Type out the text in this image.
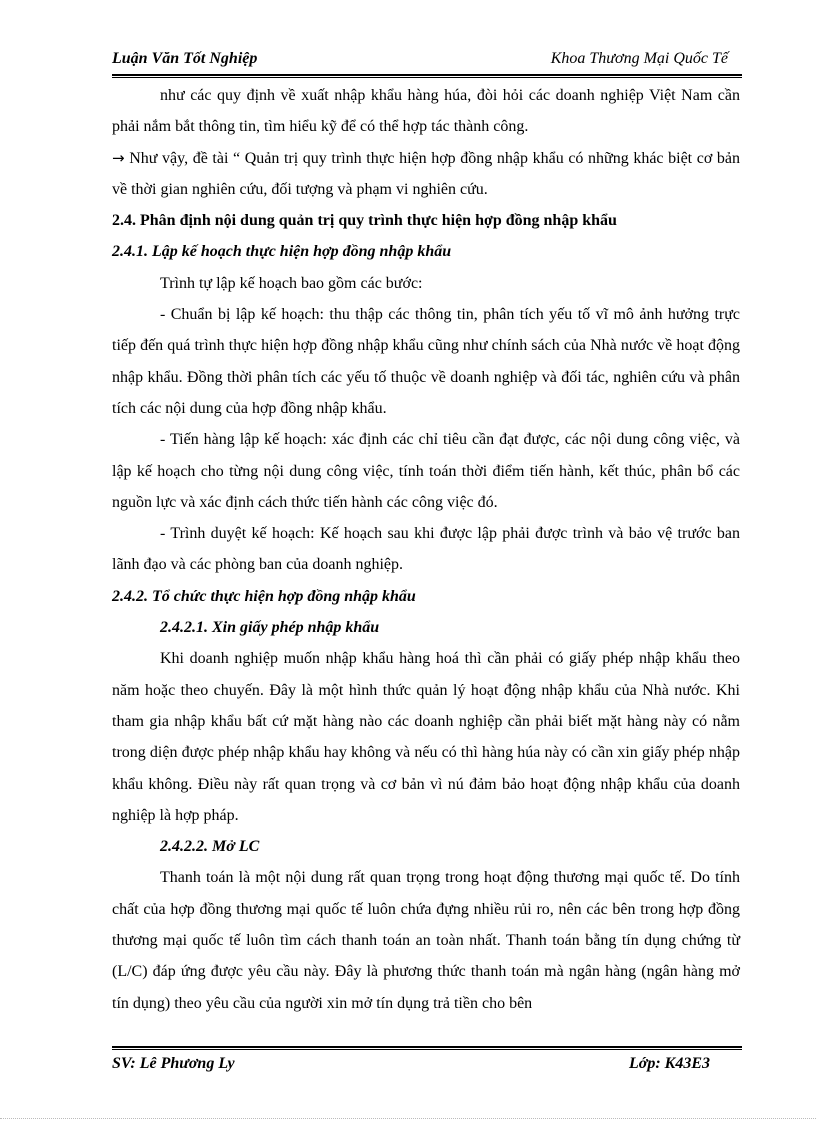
Luận Văn Tốt Nghiệp	Khoa Thương Mại Quốc Tế

như các quy định về xuất nhập khẩu hàng húa, đòi hỏi các doanh nghiệp Việt Nam cần phải nắm bắt thông tin, tìm hiểu kỹ để có thể hợp tác thành công.

→ Như vậy, đề tài “ Quản trị quy trình thực hiện hợp đồng nhập khẩu có những khác biệt cơ bản về thời gian nghiên cứu, đối tượng và phạm vi nghiên cứu.

2.4. Phân định nội dung quản trị quy trình thực hiện hợp đồng nhập khẩu

2.4.1. Lập kế hoạch thực hiện hợp đồng nhập khẩu

Trình tự lập kế hoạch bao gồm các bước:

- Chuẩn bị lập kế hoạch: thu thập các thông tin, phân tích yếu tố vĩ mô ảnh hưởng trực tiếp đến quá trình thực hiện hợp đồng nhập khẩu cũng như chính sách của Nhà nước về hoạt động nhập khẩu. Đồng thời phân tích các yếu tố thuộc về doanh nghiệp và đối tác, nghiên cứu và phân tích các nội dung của hợp đồng nhập khẩu.

- Tiến hàng lập kế hoạch: xác định các chỉ tiêu cần đạt được, các nội dung công việc, và lập kế hoạch cho từng nội dung công việc, tính toán thời điểm tiến hành, kết thúc, phân bổ các nguồn lực và xác định cách thức tiến hành các công việc đó.

- Trình duyệt kế hoạch: Kế hoạch sau khi được lập phải được trình và bảo vệ trước ban lãnh đạo và các phòng ban của doanh nghiệp.

2.4.2. Tổ chức thực hiện hợp đồng nhập khẩu

2.4.2.1. Xin giấy phép nhập khẩu

Khi doanh nghiệp muốn nhập khẩu hàng hoá thì cần phải có giấy phép nhập khẩu theo năm hoặc theo chuyến. Đây là một hình thức quản lý hoạt động nhập khẩu của Nhà nước. Khi tham gia nhập khẩu bất cứ mặt hàng nào các doanh nghiệp cần phải biết mặt hàng này có nằm trong diện được phép nhập khẩu hay không và nếu có thì hàng húa này có cần xin giấy phép nhập khẩu không. Điều này rất quan trọng và cơ bản vì nú đảm bảo hoạt động nhập khẩu của doanh nghiệp là hợp pháp.

2.4.2.2. Mở LC

Thanh toán là một nội dung rất quan trọng trong hoạt động thương mại quốc tế. Do tính chất của hợp đồng thương mại quốc tế luôn chứa đựng nhiều rủi ro, nên các bên trong hợp đồng thương mại quốc tế luôn tìm cách thanh toán an toàn nhất. Thanh toán bằng tín dụng chứng từ (L/C) đáp ứng được yêu cầu này. Đây là phương thức thanh toán mà ngân hàng (ngân hàng mở tín dụng) theo yêu cầu của người xin mở tín dụng trả tiền cho bên

SV: Lê Phương Ly	Lớp: K43E3
